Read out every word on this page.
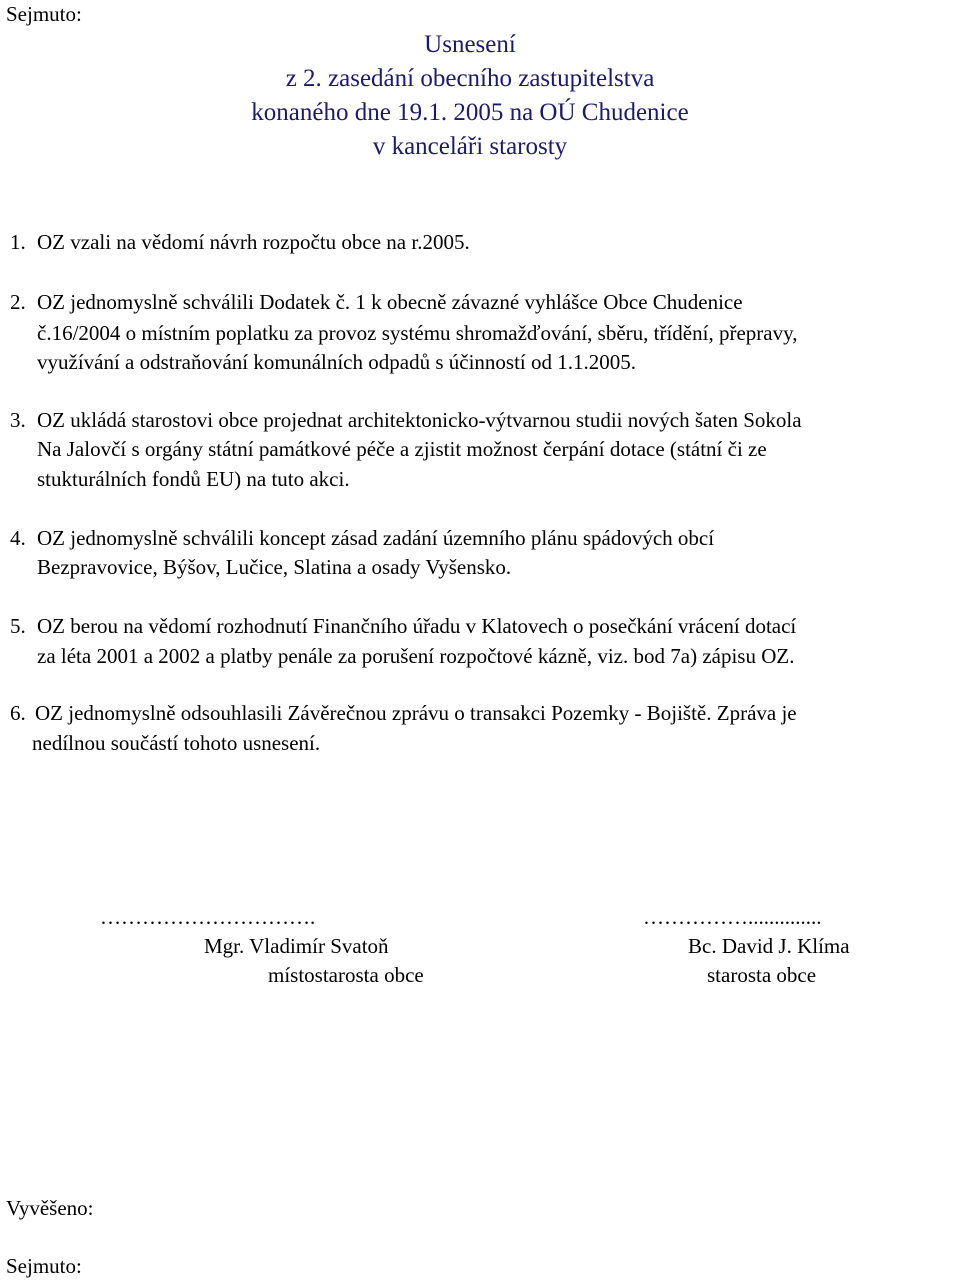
Sejmuto:
Usnesení
z 2. zasedání obecního zastupitelstva
konaného dne 19.1. 2005 na OÚ Chudenice
v kanceláři starosty
1. OZ vzali na vědomí návrh rozpočtu obce na r.2005.
2. OZ jednomyslně schválili Dodatek č. 1 k obecně závazné vyhlášce Obce Chudenice
č.16/2004 o místním poplatku za provoz systému shromažďování, sběru, třídění, přepravy,
využívání a odstraňování komunálních odpadů s účinností od 1.1.2005.
3. OZ ukládá starostovi obce projednat architektonicko-výtvarnou studii nových šaten Sokola
Na Jalovčí s orgány státní památkové péče a zjistit možnost čerpání dotace (státní či ze
stukturálních fondů EU) na tuto akci.
4. OZ jednomyslně schválili koncept zásad zadání územního plánu spádových obcí
Bezpravovice, Býšov, Lučice, Slatina a osady Vyšensko.
5. OZ berou na vědomí rozhodnutí Finančního úřadu v Klatovech o posečkání vrácení dotací
za léta 2001 a 2002 a platby penále za porušení rozpočtové kázně, viz. bod 7a) zápisu OZ.
6. OZ jednomyslně odsouhlasili Závěrečnou zprávu o transakci Pozemky - Bojiště. Zpráva je
nedílnou součástí tohoto usnesení.
………………………….
Mgr. Vladimír Svatoň
místostarosta obce
……………..............
Bc. David J. Klíma
starosta obce
Vyvěšeno:
Sejmuto:
